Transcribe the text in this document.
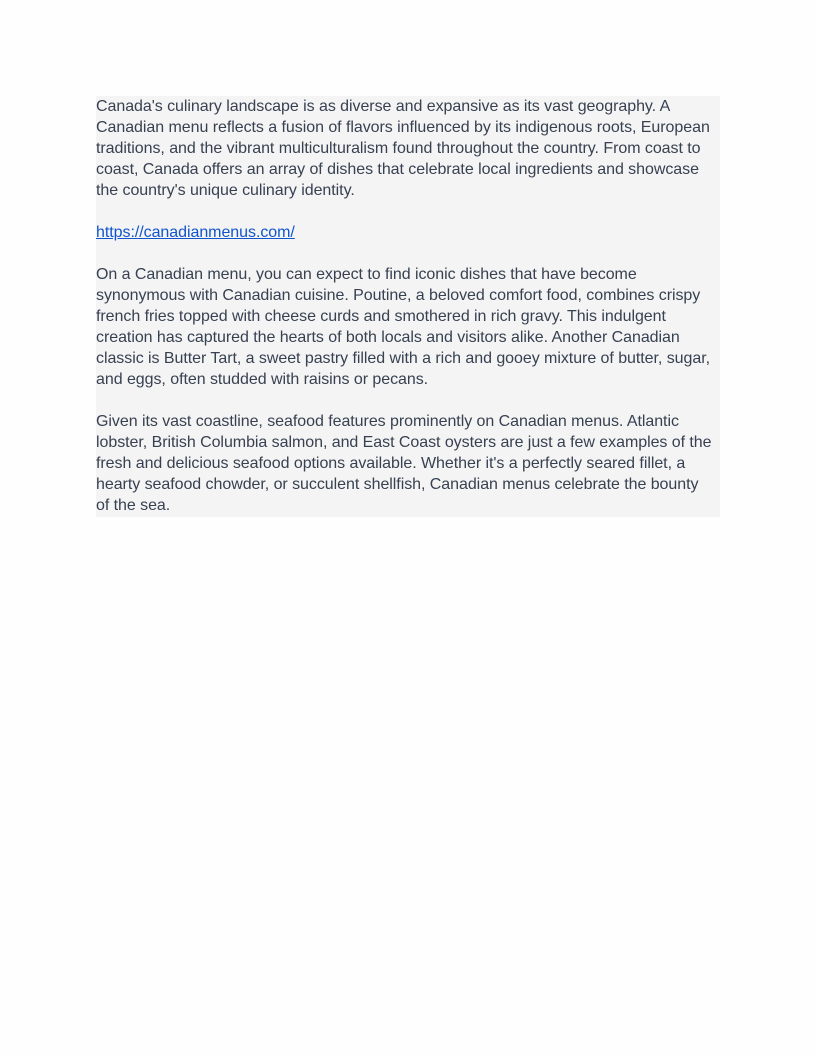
Canada's culinary landscape is as diverse and expansive as its vast geography. A
Canadian menu reflects a fusion of flavors influenced by its indigenous roots, European
traditions, and the vibrant multiculturalism found throughout the country. From coast to
coast, Canada offers an array of dishes that celebrate local ingredients and showcase
the country's unique culinary identity.

https://canadianmenus.com/

On a Canadian menu, you can expect to find iconic dishes that have become
synonymous with Canadian cuisine. Poutine, a beloved comfort food, combines crispy
french fries topped with cheese curds and smothered in rich gravy. This indulgent
creation has captured the hearts of both locals and visitors alike. Another Canadian
classic is Butter Tart, a sweet pastry filled with a rich and gooey mixture of butter, sugar,
and eggs, often studded with raisins or pecans.

Given its vast coastline, seafood features prominently on Canadian menus. Atlantic
lobster, British Columbia salmon, and East Coast oysters are just a few examples of the
fresh and delicious seafood options available. Whether it's a perfectly seared fillet, a
hearty seafood chowder, or succulent shellfish, Canadian menus celebrate the bounty
of the sea.
